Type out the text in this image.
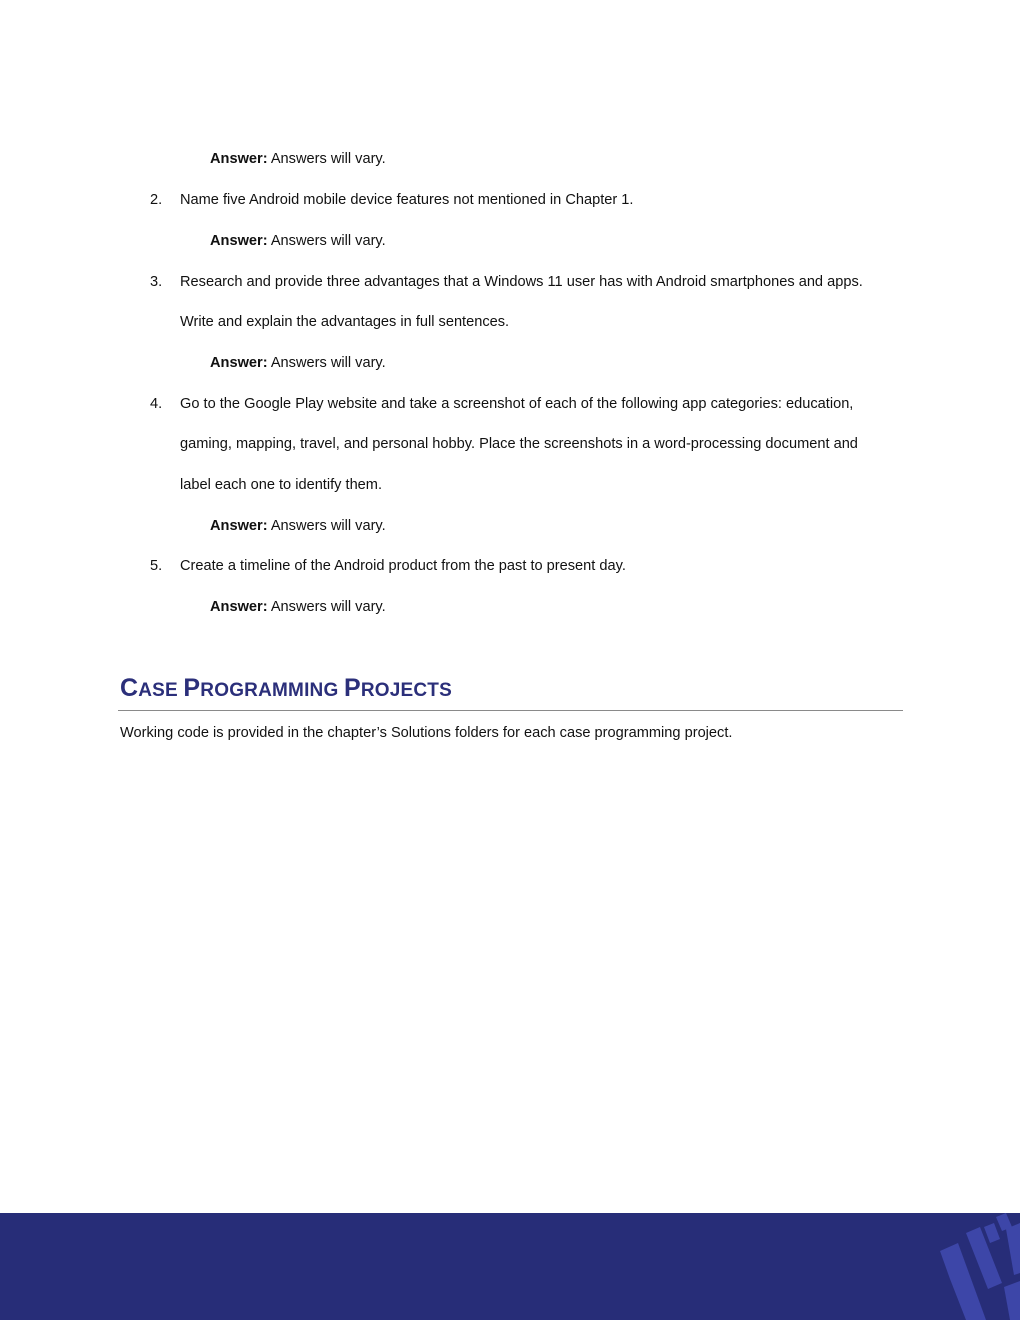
Answer: Answers will vary.
2. Name five Android mobile device features not mentioned in Chapter 1.
Answer: Answers will vary.
3. Research and provide three advantages that a Windows 11 user has with Android smartphones and apps.
Write and explain the advantages in full sentences.
Answer: Answers will vary.
4. Go to the Google Play website and take a screenshot of each of the following app categories: education,
gaming, mapping, travel, and personal hobby. Place the screenshots in a word-processing document and
label each one to identify them.
Answer: Answers will vary.
5. Create a timeline of the Android product from the past to present day.
Answer: Answers will vary.
CASE PROGRAMMING PROJECTS
Working code is provided in the chapter’s Solutions folders for each case programming project.
